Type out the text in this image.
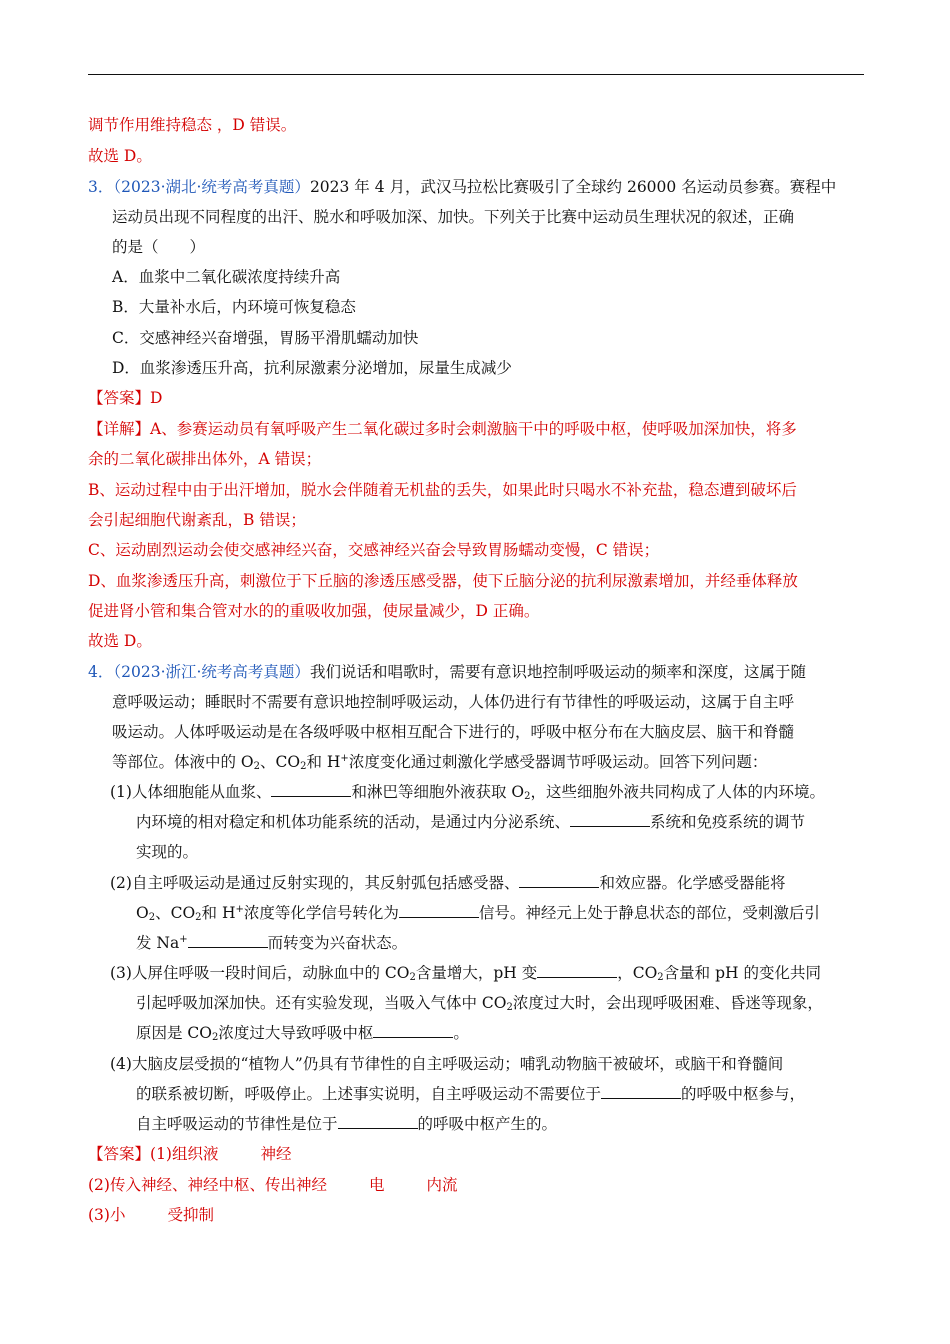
调节作用维持稳态 ，D 错误。
故选 D。
3．（2023·湖北·统考高考真题）2023 年 4 月，武汉马拉松比赛吸引了全球约 26000 名运动员参赛。赛程中
运动员出现不同程度的出汗、脱水和呼吸加深、加快。下列关于比赛中运动员生理状况的叙述，正确
的是（　　）
A．血浆中二氧化碳浓度持续升高
B．大量补水后，内环境可恢复稳态
C．交感神经兴奋增强，胃肠平滑肌蠕动加快
D．血浆渗透压升高，抗利尿激素分泌增加，尿量生成减少
【答案】D
【详解】A、参赛运动员有氧呼吸产生二氧化碳过多时会刺激脑干中的呼吸中枢，使呼吸加深加快，将多
余的二氧化碳排出体外，A 错误；
B、运动过程中由于出汗增加，脱水会伴随着无机盐的丢失，如果此时只喝水不补充盐，稳态遭到破坏后
会引起细胞代谢紊乱，B 错误；
C、运动剧烈运动会使交感神经兴奋，交感神经兴奋会导致胃肠蠕动变慢，C 错误；
D、血浆渗透压升高，刺激位于下丘脑的渗透压感受器，使下丘脑分泌的抗利尿激素增加，并经垂体释放
促进肾小管和集合管对水的的重吸收加强，使尿量减少，D 正确。
故选 D。
4．（2023·浙江·统考高考真题）我们说话和唱歌时，需要有意识地控制呼吸运动的频率和深度，这属于随
意呼吸运动；睡眠时不需要有意识地控制呼吸运动，人体仍进行有节律性的呼吸运动，这属于自主呼
吸运动。人体呼吸运动是在各级呼吸中枢相互配合下进行的，呼吸中枢分布在大脑皮层、脑干和脊髓
等部位。体液中的 $O_2$、$CO_2$和 H+浓度变化通过刺激化学感受器调节呼吸运动。回答下列问题：
(1)人体细胞能从血浆、	和淋巴等细胞外液获取 $O_2$，这些细胞外液共同构成了人体的内环境。
内环境的相对稳定和机体功能系统的活动，是通过内分泌系统、	系统和免疫系统的调节
实现的。
(2)自主呼吸运动是通过反射实现的，其反射弧包括感受器、	和效应器。化学感受器能将
$O_2$、$CO_2$和 H+浓度等化学信号转化为	信号。神经元上处于静息状态的部位，受刺激后引
发 Na+	而转变为兴奋状态。
(3)人屏住呼吸一段时间后，动脉血中的 $CO_2$含量增大，pH 变	，$CO_2$含量和 pH 的变化共同
引起呼吸加深加快。还有实验发现，当吸入气体中 $CO_2$浓度过大时，会出现呼吸困难、昏迷等现象，
原因是 $CO_2$浓度过大导致呼吸中枢	。
(4)大脑皮层受损的“植物人”仍具有节律性的自主呼吸运动；哺乳动物脑干被破坏，或脑干和脊髓间
的联系被切断，呼吸停止。上述事实说明，自主呼吸运动不需要位于	的呼吸中枢参与，
自主呼吸运动的节律性是位于	的呼吸中枢产生的。
【答案】(1)组织液	神经
(2)传入神经、神经中枢、传出神经	电	内流
(3)小	受抑制
